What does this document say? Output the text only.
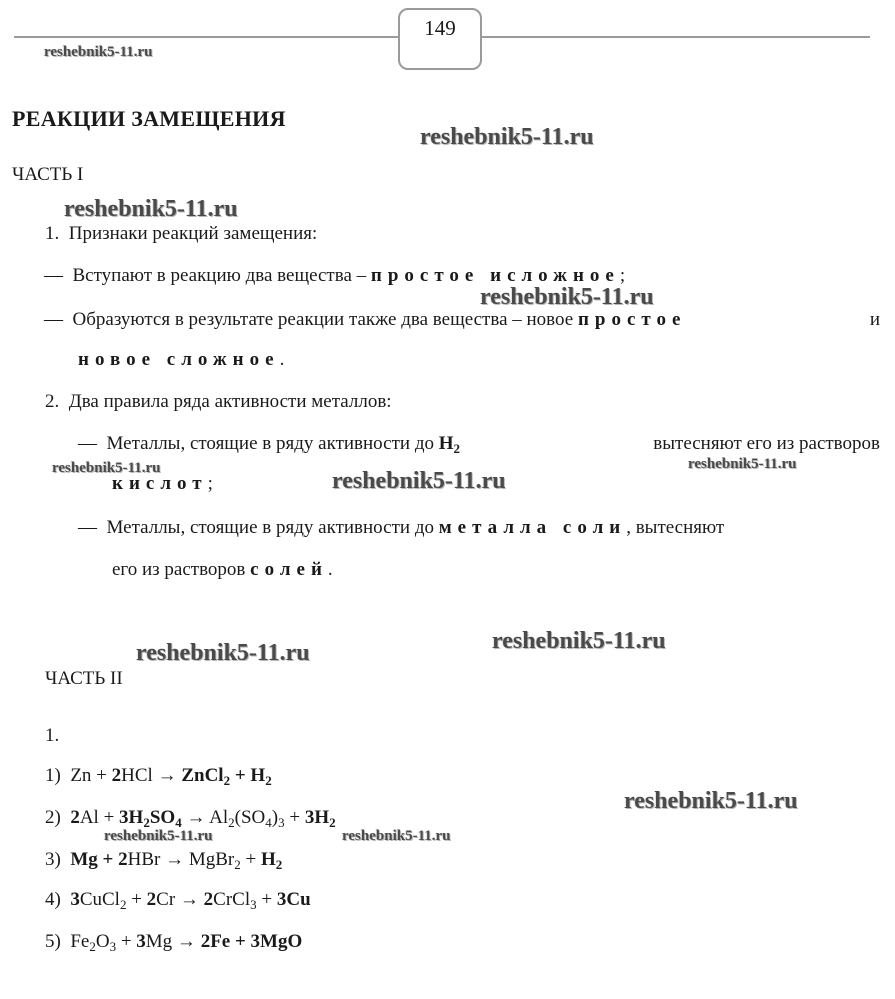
149
РЕАКЦИИ ЗАМЕЩЕНИЯ
ЧАСТЬ I
1. Признаки реакций замещения:
— Вступают в реакцию два вещества – простое исложное;
— Образуются в результате реакции также два вещества – новое простое	и
новое сложное.
2. Два правила ряда активности металлов:
— Металлы, стоящие в ряду активности до $H_2$	вытесняют его из растворов
кислот;
— Металлы, стоящие в ряду активности до металла соли, вытесняют
его из растворов солей.
ЧАСТЬ II
1.
1)  Zn + 2HCl → ZnCl$_2$ + $H_2$
2) $2Al + 3H_2SO_4 \to Al_2(SO_4)_3 + 3H_2$
3) Mg + 2HBr → MgBr$_2$ + $H_2$
4) 3CuCl$_2$ + 2Cr → 2CrCl$_3$ + 3Cu
5)  $Fe_2O_3 + 3Mg \to 2Fe + 3MgO$
reshebnik5-11.ru
reshebnik5-11.ru
reshebnik5-11.ru
reshebnik5-11.ru
reshebnik5-11.ru	reshebnik5-11.ru
reshebnik5-11.ru
reshebnik5-11.ru
reshebnik5-11.ru
reshebnik5-11.ru
reshebnik5-11.ru	reshebnik5-11.ru
